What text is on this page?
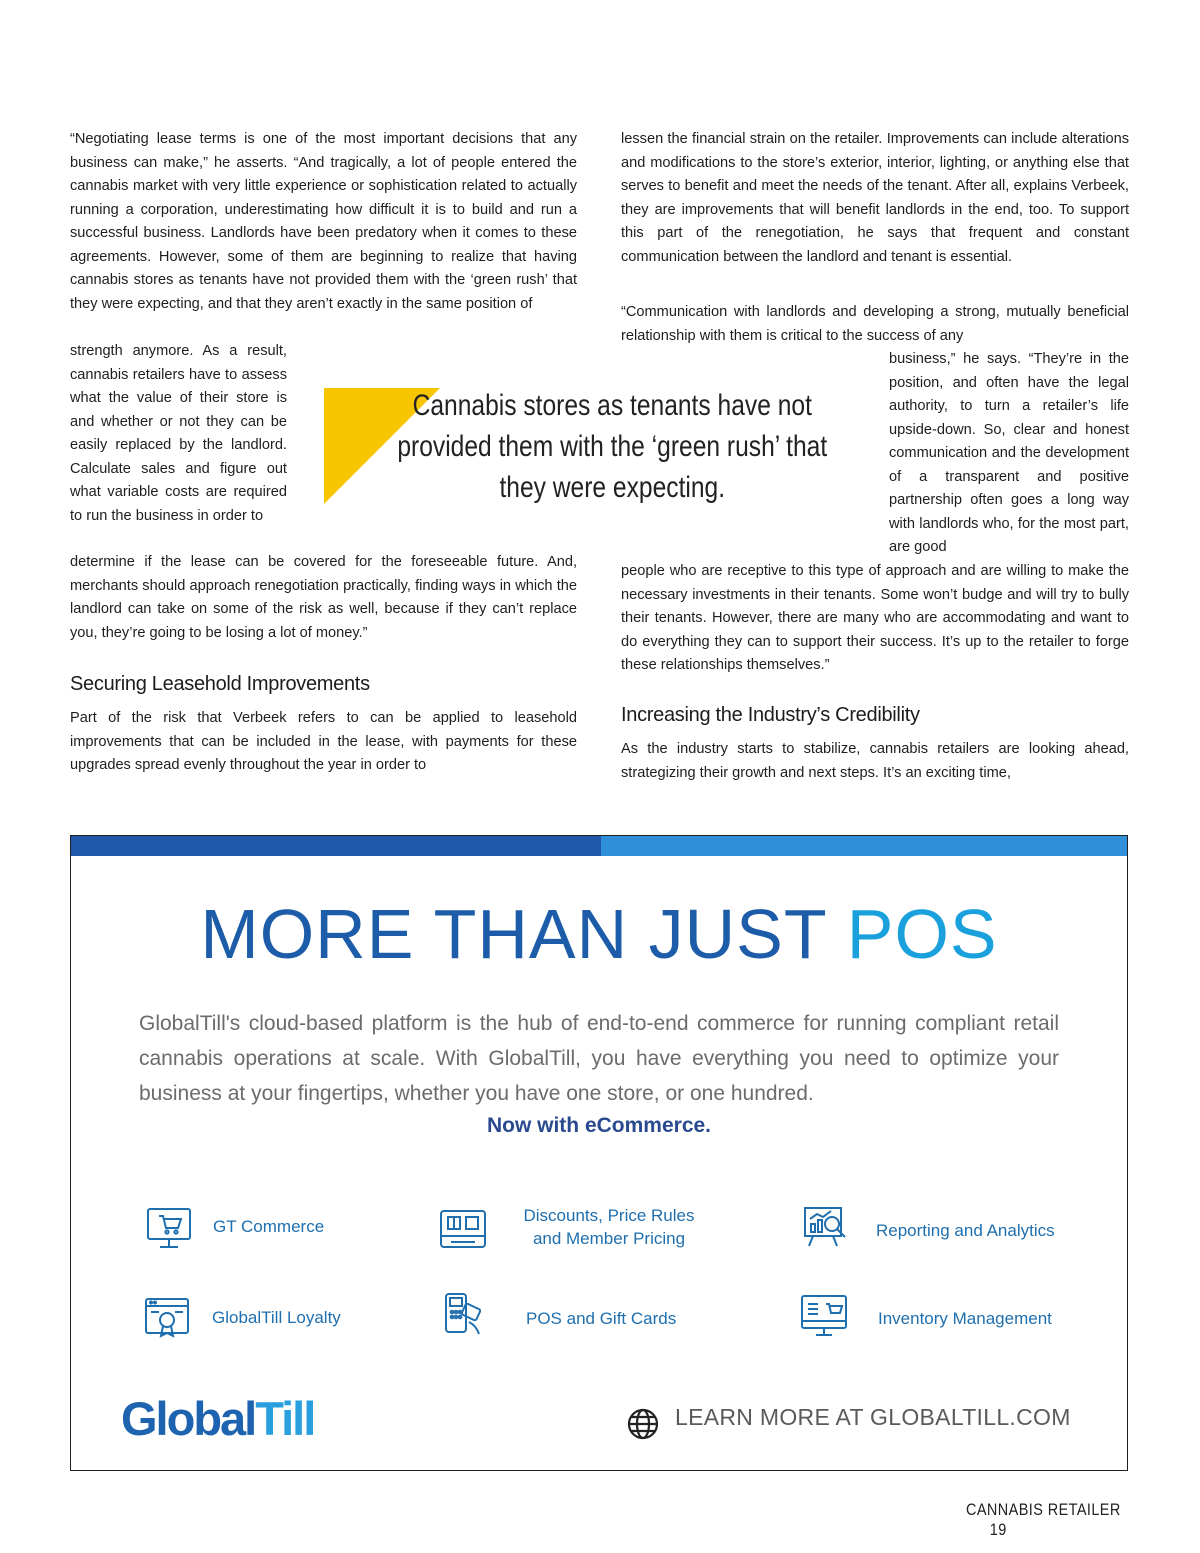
“Negotiating lease terms is one of the most important decisions that any business can make,” he asserts. “And tragically, a lot of people entered the cannabis market with very little experience or sophistication related to actually running a corporation, underestimating how difficult it is to build and run a successful business. Landlords have been predatory when it comes to these agreements. However, some of them are beginning to realize that having cannabis stores as tenants have not provided them with the ‘green rush’ that they were expecting, and that they aren’t exactly in the same position of

strength anymore. As a result, cannabis retailers have to assess what the value of their store is and whether or not they can be easily replaced by the landlord. Calculate sales and figure out what variable costs are required to run the business in order to
determine if the lease can be covered for the foreseeable future. And, merchants should approach renegotiation practically, finding ways in which the landlord can take on some of the risk as well, because if they can’t replace you, they’re going to be losing a lot of money.”
Securing Leasehold Improvements
Part of the risk that Verbeek refers to can be applied to leasehold improvements that can be included in the lease, with payments for these upgrades spread evenly throughout the year in order to
lessen the financial strain on the retailer. Improvements can include alterations and modifications to the store’s exterior, interior, lighting, or anything else that serves to benefit and meet the needs of the tenant. After all, explains Verbeek, they are improvements that will benefit landlords in the end, too. To support this part of the renegotiation, he says that frequent and constant communication between the landlord and tenant is essential.
“Communication with landlords and developing a strong, mutually beneficial relationship with them is critical to the success of any
business,” he says. “They’re in the position, and often have the legal authority, to turn a retailer’s life upside-down. So, clear and honest communication and the development of a transparent and positive partnership often goes a long way with landlords who, for the most part, are good
people who are receptive to this type of approach and are willing to make the necessary investments in their tenants. Some won’t budge and will try to bully their tenants. However, there are many who are accommodating and want to do everything they can to support their success. It’s up to the retailer to forge these relationships themselves.”
Increasing the Industry’s Credibility
As the industry starts to stabilize, cannabis retailers are looking ahead, strategizing their growth and next steps. It’s an exciting time,
Cannabis stores as tenants have not provided them with the ‘green rush’ that they were expecting.
MORE THAN JUST POS
GlobalTill's cloud-based platform is the hub of end-to-end commerce for running compliant retail cannabis operations at scale. With GlobalTill, you have everything you need to optimize your business at your fingertips, whether you have one store, or one hundred.
Now with eCommerce.
GT Commerce
Discounts, Price Rules and Member Pricing	Reporting and Analytics
GlobalTill Loyalty	POS and Gift Cards	Inventory Management
GlobalTill	LEARN MORE AT GLOBALTILL.COM
CANNABIS RETAILER 19
